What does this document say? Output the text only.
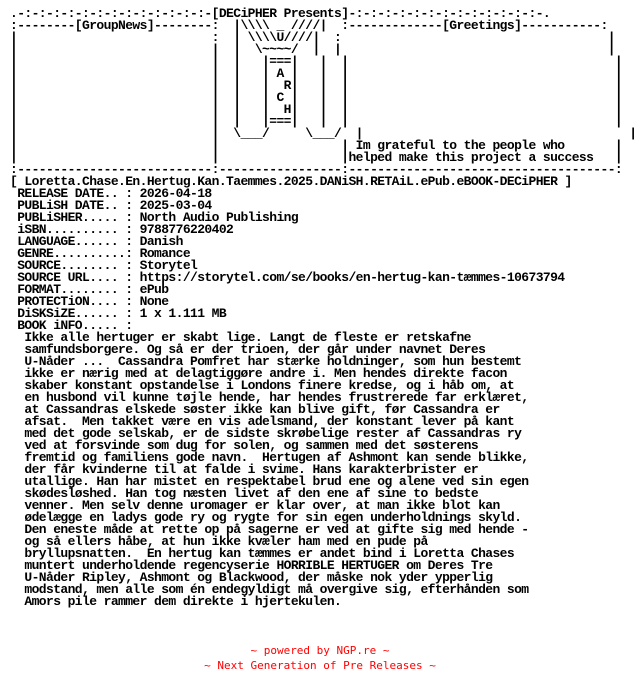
.-:-:-:-:-:-:-:-:-:-:-:-:-:-[DECiPHER Presents]-:-:-:-:-:-:-:-:-:-:-:-:-:-.
:--------[GroupNews]--------:  |\\\\ _ ////|  :-------------[Greetings]-----------:
|                           :  | \\\\U////|  :                                     |
|                           |  |  \~~~~/  |  |                                     |
|                           |  |   |===|   |  |                                     |
|                           |  |   | A |   |  |                                     |
|                           |  |   |  R|   |  |                                     |
|                           |  |   | C |   |  |                                     |
|                           |  |   |  H|   |  |                                     |
|                           |  |   |===|   |  |                                     |
|                           |  \___/     \___/  |                                     |
|                           |                 | Im grateful to the people who       |
|                           |                 |helped make this project a success   |
:---------------------------:-----------------:-------------------------------------:
[ Loretta.Chase.En.Hertug.Kan.Taemmes.2025.DANiSH.RETAiL.ePub.eBOOK-DECiPHER ]
RELEASE DATE.. : 2026-04-18
PUBLiSH DATE.. : 2025-03-04
PUBLiSHER..... : North Audio Publishing
iSBN.......... : 9788776220402
LANGUAGE...... : Danish
GENRE..........: Romance
SOURCE........ : Storytel
SOURCE URL.... : https://storytel.com/se/books/en-hertug-kan-tæmmes-10673794
FORMAT........ : ePub
PROTECTiON.... : None
DiSKSiZE...... : 1 x 1.111 MB
BOOK iNFO..... :
Ikke alle hertuger er skabt lige. Langt de fleste er retskafne
samfundsborgere. Og så er der trioen, der går under navnet Deres
U-Nåder ...  Cassandra Pomfret har stærke holdninger, som hun bestemt
ikke er nærig med at delagtiggøre andre i. Men hendes direkte facon
skaber konstant opstandelse i Londons finere kredse, og i håb om, at
en husbond vil kunne tøjle hende, har hendes frustrerede far erklæret,
at Cassandras elskede søster ikke kan blive gift, før Cassandra er
afsat.  Men takket være en vis adelsmand, der konstant lever på kant
med det gode selskab, er de sidste skrøbelige rester af Cassandras ry
ved at forsvinde som dug for solen, og sammen med det søsterens
fremtid og familiens gode navn.  Hertugen af Ashmont kan sende blikke,
der får kvinderne til at falde i svime. Hans karakterbrister er
utallige. Han har mistet en respektabel brud ene og alene ved sin egen
skødesløshed. Han tog næsten livet af den ene af sine to bedste
venner. Men selv denne uromager er klar over, at man ikke blot kan
ødelægge en ladys gode ry og rygte for sin egen underholdnings skyld.
Den eneste måde at rette op på sagerne er ved at gifte sig med hende -
og så ellers håbe, at hun ikke kvæler ham med en pude på
bryllupsnatten.  En hertug kan tæmmes er andet bind i Loretta Chases
muntert underholdende regencyserie HORRIBLE HERTUGER om Deres Tre
U-Nåder Ripley, Ashmont og Blackwood, der måske nok yder ypperlig
modstand, men alle som én endegyldigt må overgive sig, efterhånden som
Amors pile rammer dem direkte i hjertekulen.
~ powered by NGP.re ~
~ Next Generation of Pre Releases ~
